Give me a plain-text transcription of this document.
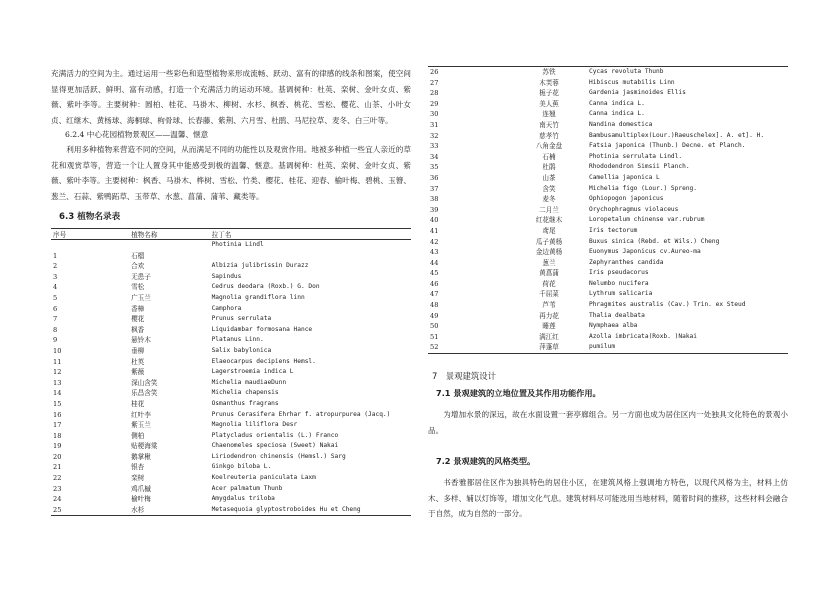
充满活力的空间为主。通过运用一些彩色和造型植物来形成流畅、跃动、富有的律感的线条和图案，使空间显得更加活跃、鲜明、富有动感，打造一个充满活力的运动环境。基调树种：杜英、栾树、金叶女贞、紫薇、紫叶李等。主要树种：圆柏、桂花、马褂木、柳树、水杉、枫香、桃花、雪松、樱花、山茶、小叶女贞、红继木、黄杨球、海桐球、枸骨球、长春藤、紫荆、六月雪、杜鹃、马尼拉草、麦冬、白三叶等。

6.2.4 中心花园植物景观区——温馨、惬意

利用多种植物来营造不同的空间，从而满足不同的功能性以及观赏作用。地被多种植一些宜人亲近的草花和观赏草等，营造一个让人置身其中能感受到极的温馨、惬意。基调树种：杜英、栾树、金叶女贞、紫薇、紫叶李等。主要树种：枫香、马褂木、桦树、雪松、竹类、樱花、桂花、迎春、榆叶梅、碧桃、玉簪、葱兰、石蒜、紫鸭跖草、玉带草、水葱、菖蒲、蒲苇、藏类等。

6.3 植物名录表
序号	植物名称	拉丁名
		Photinia Lindl
1	石榴	
2	合欢	Albizia julibrissin Durazz
3	无患子	Sapindus
4	雪松	Cedrus deodara (Roxb.) G. Don
5	广玉兰	Magnolia grandiflora linn
6	香樟	Camphora
7	樱花	Prunus serrulata
8	枫香	Liquidambar formosana Hance
9	悬铃木	Platanus Linn.
10	垂柳	Salix babylonica
11	杜英	Elaeocarpus decipiens Hemsl.
12	紫薇	Lagerstroemia indica L
13	深山含笑	Michelia maudiaeDunn
14	乐昌含笑	Michelia chapensis
15	桂花	Osmanthus fragrans
16	红叶李	Prunus Cerasifera Ehrhar f. atropurpurea (Jacq.)
17	紫玉兰	Magnolia liliflora Desr
18	侧柏	Platycladus orientalis (L.) Franco
19	贴梗海棠	Chaenomeles speciosa (Sweet) Nakai
20	鹅掌楸	Liriodendron chinensis (Hemsl.) Sarg
21	银杏	Ginkgo biloba L.
22	栾树	Koelreuteria paniculata Laxm
23	鸡爪槭	Acer palmatum Thunb
24	榆叶梅	Amygdalus triloba
25	水杉	Metasequoia glyptostroboides Hu et Cheng
26	苏铁	Cycas revoluta Thunb
27	木芙蓉	Hibiscus mutabilis Linn
28	栀子花	Gardenia jasminoides Ellis
29	美人蕉	Canna indica L.
30	连翘	Canna indica L.
31	南天竹	Nandina domestica
32	慈孝竹	Bambusamultiplex(Lour.)Raeuschelex]. A. et]. H.
33	八角金盘	Fatsia japonica (Thunb.) Decne. et Planch.
34	石楠	Photinia serrulata Lindl.
35	杜鹃	Rhododendron Simsii Planch.
36	山茶	Camellia japonica L
37	含笑	Michelia figo (Lour.) Spreng.
38	麦冬	Ophiopogon japonicus
39	二月兰	Orychophragmus violaceus
40	红花继木	Loropetalum chinense var.rubrum
41	鸢尾	Iris tectorum
42	瓜子黄杨	Buxus sinica (Rebd. et Wils.) Cheng
43	金边黄杨	Euonymus Japonicus cv.Aureo-ma
44	葱兰	Zephyranthes candida
45	黄菖蒲	Iris pseudacorus
46	荷花	Nelumbo nucifera
47	千屈菜	Lythrum salicaria
48	芦苇	Phragmites australis (Cav.) Trin. ex Steud
49	再力花	Thalia dealbata
50	睡莲	Nymphaea alba
51	满江红	Azolla imbricata(Roxb. )Nakai
52	萍蓬草	pumilum
7　景观建筑设计
7.1 景观建筑的立地位置及其作用功能作用。

为增加水景的深远，故在水面设置一套亭廊组合。另一方面也成为居住区内一处独具文化特色的景观小品。

7.2 景观建筑的风格类型。

书香雅都居住区作为独具特色的居住小区，在建筑风格上强调地方特色，以现代风格为主，材料上仿木、多样、辅以灯饰等，增加文化气息。建筑材料尽可能选用当地材料，随着时间的推移，这些材料会融合于自然，成为自然的一部分。
